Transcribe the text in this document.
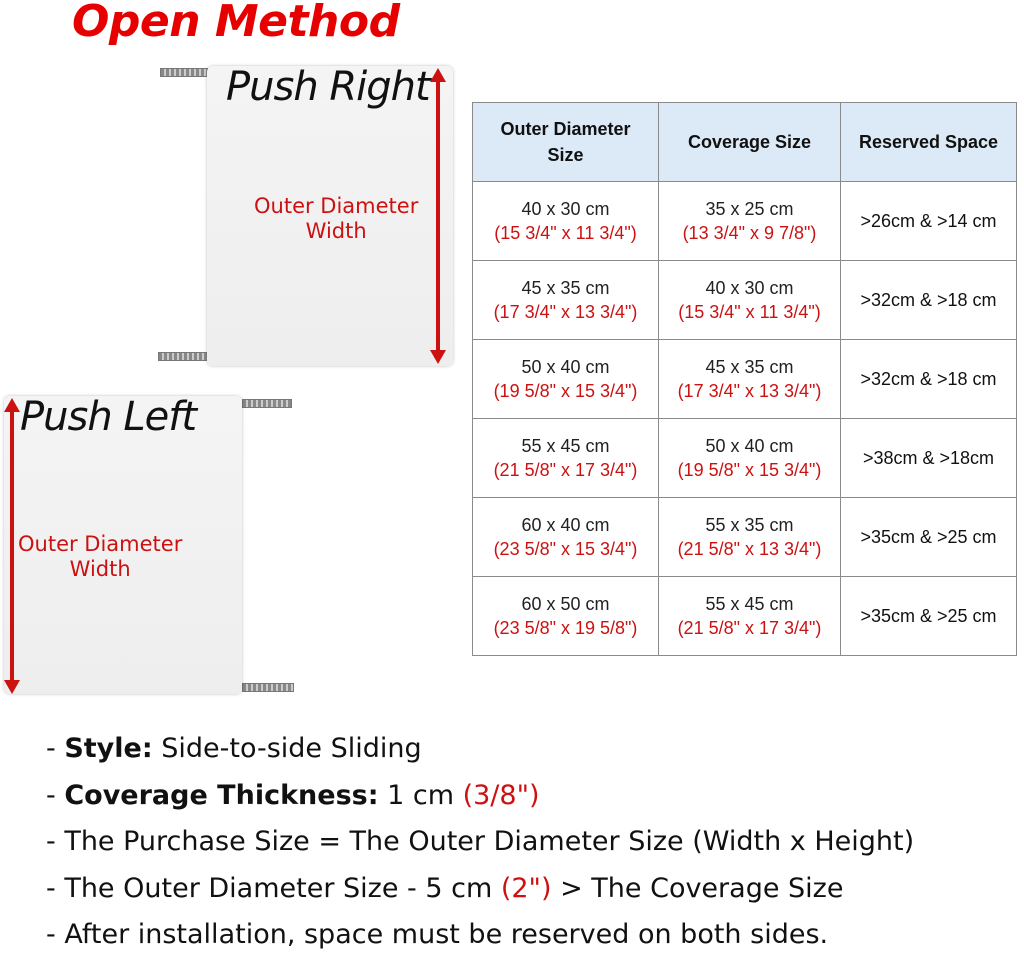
Open Method
Push Right
Outer Diameter
Width
Push Left
Outer Diameter
Width
Outer Diameter Size	Coverage Size	Reserved Space

40 x 30 cm
(15 3/4" x 11 3/4")	35 x 25 cm
(13 3/4" x 9 7/8")	>26cm & >14 cm

45 x 35 cm
(17 3/4" x 13 3/4")	40 x 30 cm
(15 3/4" x 11 3/4")	>32cm & >18 cm

50 x 40 cm
(19 5/8" x 15 3/4")	45 x 35 cm
(17 3/4" x 13 3/4")	>32cm & >18 cm

55 x 45 cm
(21 5/8" x 17 3/4")	50 x 40 cm
(19 5/8" x 15 3/4")	>38cm & >18cm

60 x 40 cm
(23 5/8" x 15 3/4")	55 x 35 cm
(21 5/8" x 13 3/4")	>35cm & >25 cm

60 x 50 cm
(23 5/8" x 19 5/8")	55 x 45 cm
(21 5/8" x 17 3/4")	>35cm & >25 cm
- Style: Side-to-side Sliding
- Coverage Thickness: 1 cm (3/8")
- The Purchase Size = The Outer Diameter Size (Width x Height)
- The Outer Diameter Size - 5 cm (2") > The Coverage Size
- After installation, space must be reserved on both sides.
